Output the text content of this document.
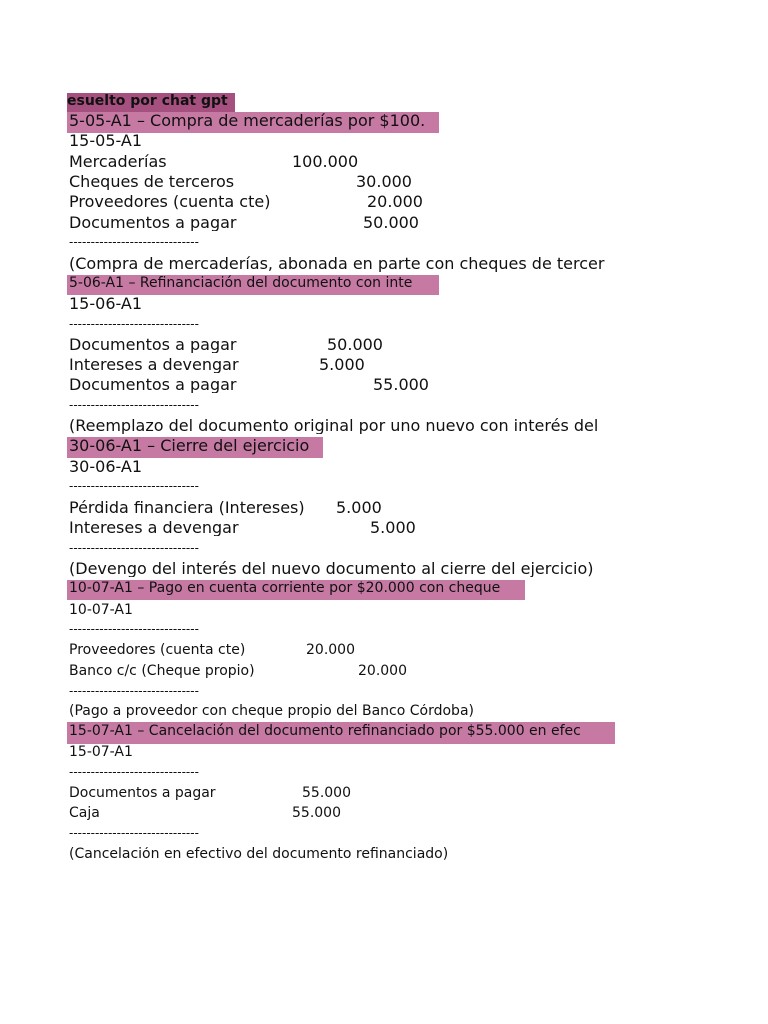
esuelto por chat gpt
5-05-A1 – Compra de mercaderías por $100.
15-05-A1
Mercaderías	100.000
Cheques de terceros	30.000
Proveedores (cuenta cte)	20.000
Documentos a pagar	50.000
------------------------------
(Compra de mercaderías, abonada en parte con cheques de tercer
5-06-A1 – Refinanciación del documento con inte
15-06-A1
------------------------------
Documentos a pagar	50.000
Intereses a devengar	5.000
Documentos a pagar	55.000
------------------------------
(Reemplazo del documento original por uno nuevo con interés del
30-06-A1 – Cierre del ejercicio
30-06-A1
------------------------------
Pérdida financiera (Intereses) 5.000
Intereses a devengar	5.000
------------------------------
(Devengo del interés del nuevo documento al cierre del ejercicio)
10-07-A1 – Pago en cuenta corriente por $20.000 con cheque
10-07-A1
------------------------------
Proveedores (cuenta cte)	20.000
Banco c/c (Cheque propio)	20.000
------------------------------
(Pago a proveedor con cheque propio del Banco Córdoba)
15-07-A1 – Cancelación del documento refinanciado por $55.000 en efec
15-07-A1
------------------------------
Documentos a pagar	55.000
Caja	55.000
------------------------------
(Cancelación en efectivo del documento refinanciado)
